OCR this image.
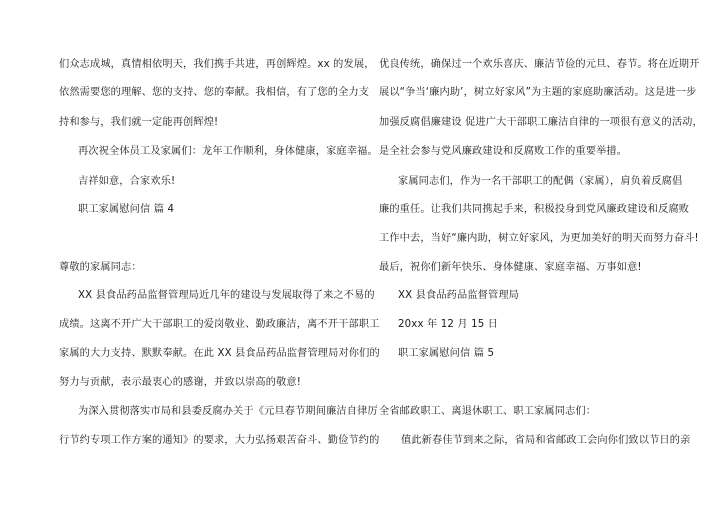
们众志成城，真情相依明天，我们携手共进，再创辉煌。xx 的发展，
依然需要您的理解、您的支持、您的奉献。我相信，有了您的全力支
持和参与，我们就一定能再创辉煌!
再次祝全体员工及家属们：龙年工作顺利，身体健康，家庭幸福。
吉祥如意，合家欢乐!
职工家属慰问信 篇 4
尊敬的家属同志：
XX 县食品药品监督管理局近几年的建设与发展取得了来之不易的
成绩。这离不开广大干部职工的爱岗敬业、勤政廉洁，离不开干部职工
家属的大力支持、默默奉献。在此 XX 县食品药品监督管理局对你们的
努力与贡献，表示最衷心的感谢，并致以崇高的敬意!
为深入贯彻落实市局和县委反腐办关于《元旦春节期间廉洁自律厉
行节约专项工作方案的通知》的要求，大力弘扬艰苦奋斗、勤俭节约的
优良传统，确保过一个欢乐喜庆、廉洁节俭的元旦、春节。将在近期开
展以“争当‘廉内助’，树立好家风”为主题的家庭助廉活动。这是进一步
加强反腐倡廉建设 促进广大干部职工廉洁自律的一项很有意义的活动，
是全社会参与党风廉政建设和反腐败工作的重要举措。
家属同志们，作为一名干部职工的配偶（家属），肩负着反腐倡
廉的重任。让我们共同携起手来，积极投身到党风廉政建设和反腐败
工作中去，当好“廉内助，树立好家风，为更加美好的明天而努力奋斗!
最后，祝你们新年快乐、身体健康、家庭幸福、万事如意!
XX 县食品药品监督管理局
20xx 年 12 月 15 日
职工家属慰问信 篇 5
全省邮政职工、离退休职工、职工家属同志们：
值此新春佳节到来之际，省局和省邮政工会向你们致以节日的亲
